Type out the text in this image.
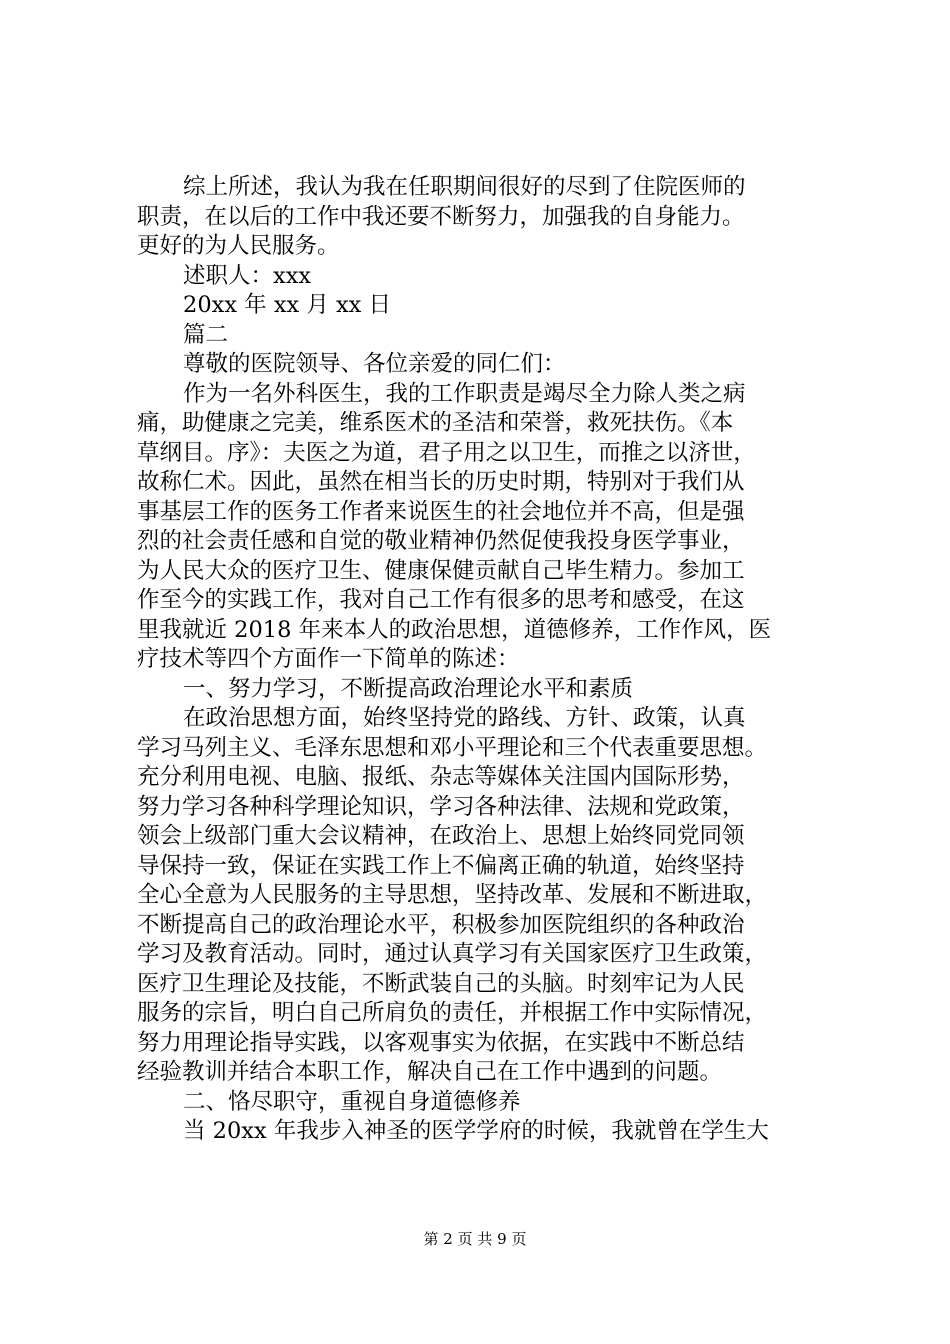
综上所述，我认为我在任职期间很好的尽到了住院医师的
职责，在以后的工作中我还要不断努力，加强我的自身能力。
更好的为人民服务。
述职人：xxx
20xx 年 xx 月 xx 日
篇二
尊敬的医院领导、各位亲爱的同仁们：
作为一名外科医生，我的工作职责是竭尽全力除人类之病
痛，助健康之完美，维系医术的圣洁和荣誉，救死扶伤。《本
草纲目。序》：夫医之为道，君子用之以卫生，而推之以济世，
故称仁术。因此，虽然在相当长的历史时期，特别对于我们从
事基层工作的医务工作者来说医生的社会地位并不高，但是强
烈的社会责任感和自觉的敬业精神仍然促使我投身医学事业，
为人民大众的医疗卫生、健康保健贡献自己毕生精力。参加工
作至今的实践工作，我对自己工作有很多的思考和感受，在这
里我就近 2018 年来本人的政治思想，道德修养，工作作风，医
疗技术等四个方面作一下简单的陈述：
一、努力学习，不断提高政治理论水平和素质
在政治思想方面，始终坚持党的路线、方针、政策，认真
学习马列主义、毛泽东思想和邓小平理论和三个代表重要思想。
充分利用电视、电脑、报纸、杂志等媒体关注国内国际形势，
努力学习各种科学理论知识，学习各种法律、法规和党政策，
领会上级部门重大会议精神，在政治上、思想上始终同党同领
导保持一致，保证在实践工作上不偏离正确的轨道，始终坚持
全心全意为人民服务的主导思想，坚持改革、发展和不断进取，
不断提高自己的政治理论水平，积极参加医院组织的各种政治
学习及教育活动。同时，通过认真学习有关国家医疗卫生政策，
医疗卫生理论及技能，不断武装自己的头脑。时刻牢记为人民
服务的宗旨，明白自己所肩负的责任，并根据工作中实际情况，
努力用理论指导实践，以客观事实为依据，在实践中不断总结
经验教训并结合本职工作，解决自己在工作中遇到的问题。
二、恪尽职守，重视自身道德修养
当 20xx 年我步入神圣的医学学府的时候，我就曾在学生大
第 2 页 共 9 页
